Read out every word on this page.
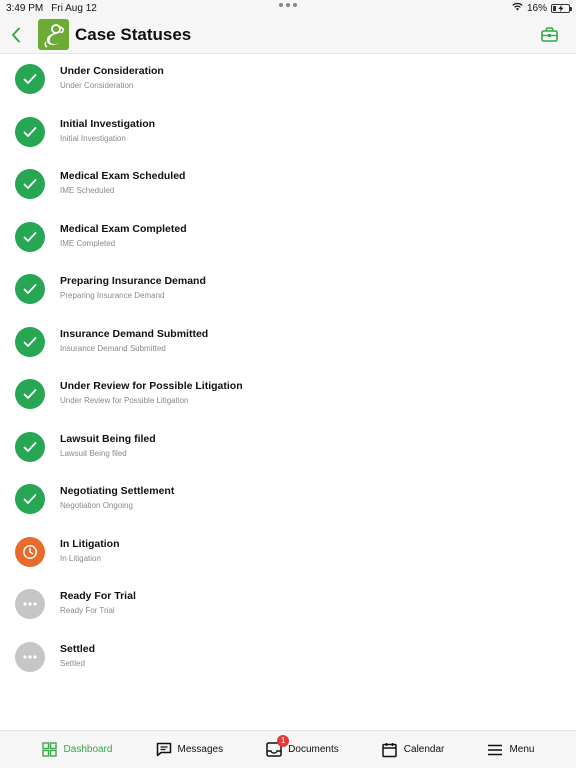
3:49 PM Fri Aug 12	16%
Case Statuses
Under Consideration
Under Consideration
Initial Investigation
Initial Investigation
Medical Exam Scheduled
IME Scheduled
Medical Exam Completed
IME Completed
Preparing Insurance Demand
Preparing Insurance Demand
Insurance Demand Submitted
Insurance Demand Submitted
Under Review for Possible Litigation
Under Review for Possible Litigation
Lawsuit Being filed
Lawsuit Being filed
Negotiating Settlement
Negotiation Ongoing
In Litigation
In Litigation
Ready For Trial
Ready For Trial
Settled
Settled
Dashboard	Messages
1
Documents	Calendar	Menu
